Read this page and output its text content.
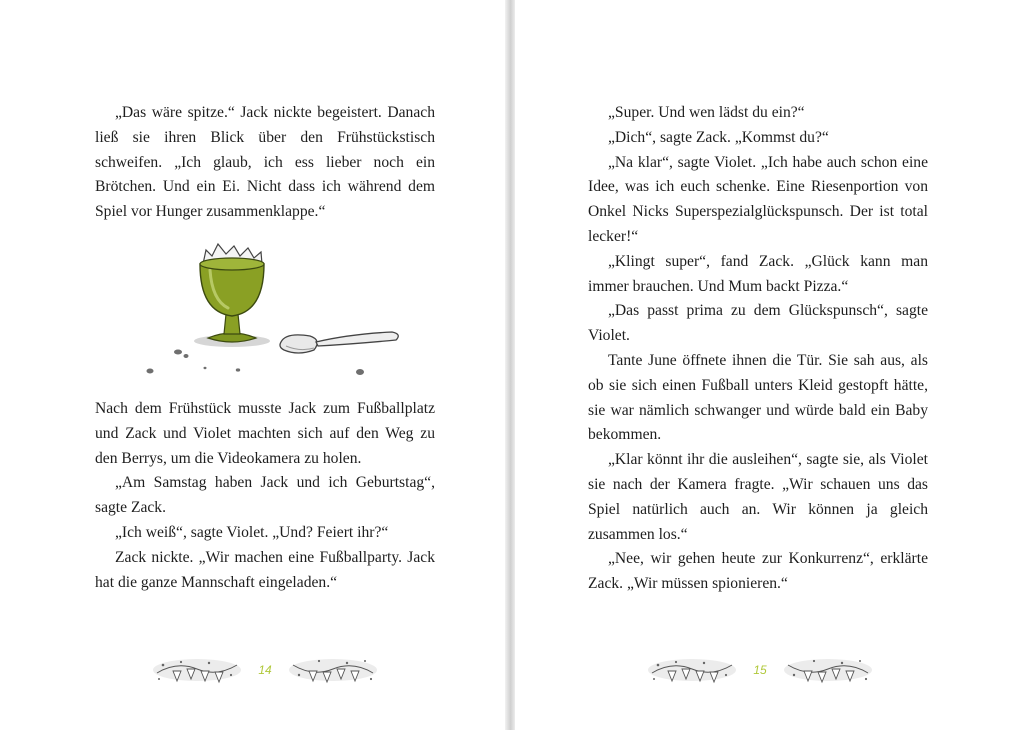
„Das wäre spitze.“ Jack nickte begeistert. Danach ließ sie ihren Blick über den Frühstückstisch schweifen. „Ich glaub, ich ess lieber noch ein Brötchen. Und ein Ei. Nicht dass ich während dem Spiel vor Hunger zusammenklappe.“

Nach dem Frühstück musste Jack zum Fußballplatz und Zack und Violet machten sich auf den Weg zu den Berrys, um die Videokamera zu holen.

„Am Samstag haben Jack und ich Geburtstag“, sagte Zack.

„Ich weiß“, sagte Violet. „Und? Feiert ihr?“

Zack nickte. „Wir machen eine Fußballparty. Jack hat die ganze Mannschaft eingeladen.“

14

„Super. Und wen lädst du ein?“

„Dich“, sagte Zack. „Kommst du?“

„Na klar“, sagte Violet. „Ich habe auch schon eine Idee, was ich euch schenke. Eine Riesenportion von Onkel Nicks Superspezialglückspunsch. Der ist total lecker!“

„Klingt super“, fand Zack. „Glück kann man immer brauchen. Und Mum backt Pizza.“

„Das passt prima zu dem Glückspunsch“, sagte Violet.

Tante June öffnete ihnen die Tür. Sie sah aus, als ob sie sich einen Fußball unters Kleid gestopft hätte, sie war nämlich schwanger und würde bald ein Baby bekommen.

„Klar könnt ihr die ausleihen“, sagte sie, als Violet sie nach der Kamera fragte. „Wir schauen uns das Spiel natürlich auch an. Wir können ja gleich zusammen los.“

„Nee, wir gehen heute zur Konkurrenz“, erklärte Zack. „Wir müssen spionieren.“

15
